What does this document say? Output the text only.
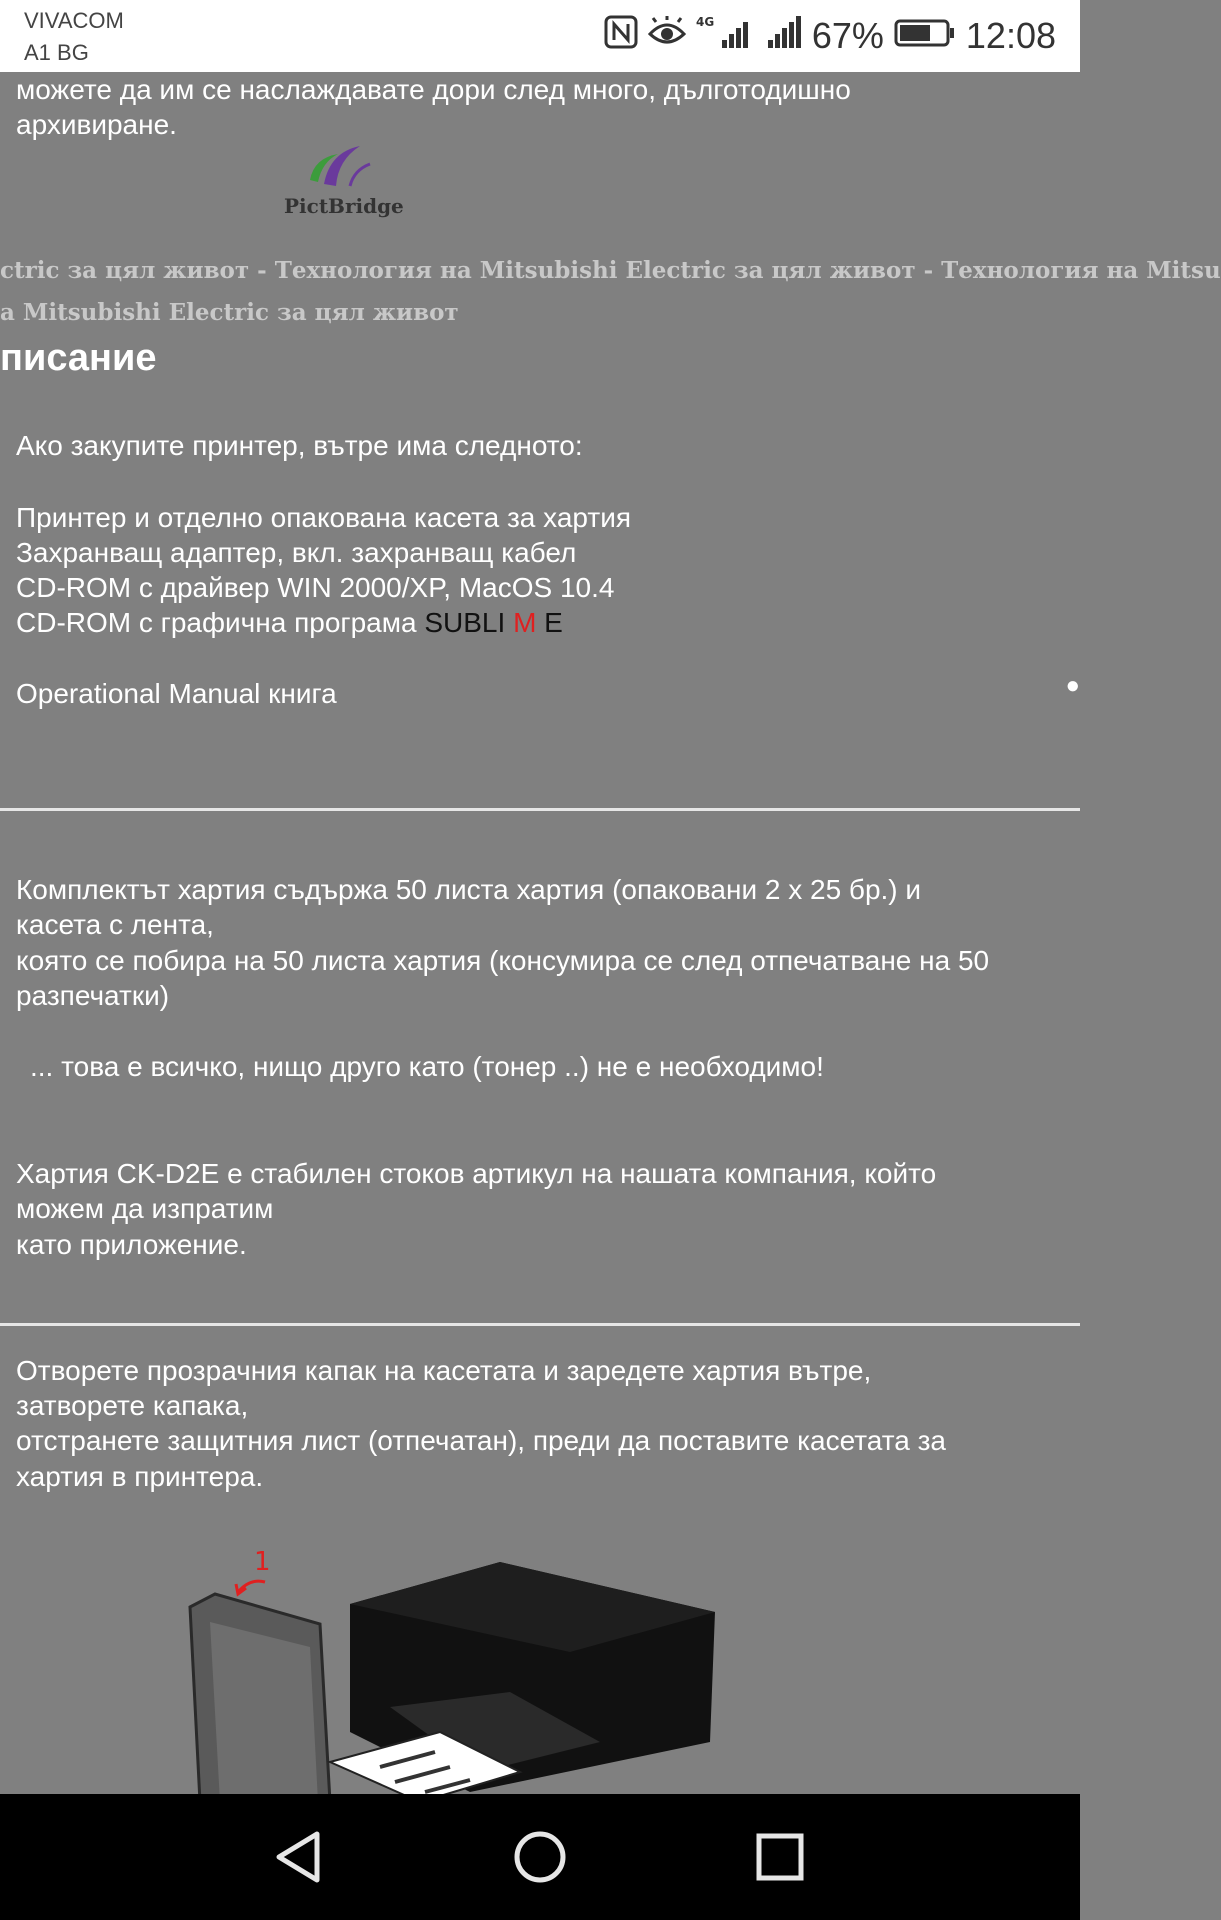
VIVACOM
A1 BG
4G	67% 12:08
можете да им се наслаждавате дори след много, дълготодишно
архивиране.
PictBridge
ctric за цял живот - Технология на Mitsubishi Electric за цял живот - Технология на Mitsu
a Mitsubishi Electric за цял живот
писание
Ако закупите принтер, вътре има следното:
Принтер и отделно опакована касета за хартия
Захранващ адаптер, вкл. захранващ кабел
CD-ROM с драйвер WIN 2000/XP, MacOS 10.4
CD-ROM с графична програма SUBLI M E
Operational Manual книга	●
Комплектът хартия съдържа 50 листа хартия (опаковани 2 х 25 бр.) и
касета с лента,
която се побира на 50 листа хартия (консумира се след отпечатване на 50
разпечатки)
... това е всичко, нищо друго като (тонер ..) не е необходимо!
Хартия CK-D2E е стабилен стоков артикул на нашата компания, който
можем да изпратим
като приложение.
Отворете прозрачния капак на касетата и заредете хартия вътре,
затворете капака,
отстранете защитния лист (отпечатан), преди да поставите касетата за
хартия в принтера.
1
